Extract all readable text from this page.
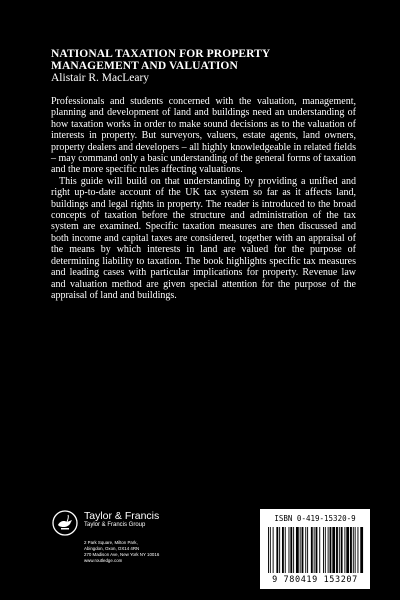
NATIONAL TAXATION FOR PROPERTY
MANAGEMENT AND VALUATION
Alistair R. MacLeary

Professionals and students concerned with the valuation, management, planning and development of land and buildings need an understanding of how taxation works in order to make sound decisions as to the valuation of interests in property. But surveyors, valuers, estate agents, land owners, property dealers and developers – all highly knowledgeable in related fields – may command only a basic understanding of the general forms of taxation and the more specific rules affecting valuations.

This guide will build on that understanding by providing a unified and right up-to-date account of the UK tax system so far as it affects land, buildings and legal rights in property. The reader is introduced to the broad concepts of taxation before the structure and administration of the tax system are examined. Specific taxation measures are then discussed and both income and capital taxes are considered, together with an appraisal of the means by which interests in land are valued for the purpose of determining liability to taxation. The book highlights specific tax measures and leading cases with particular implications for property. Revenue law and valuation method are given special attention for the purpose of the appraisal of land and buildings.

Taylor & Francis
Taylor & Francis Group
2 Park Square, Milton Park,
Abingdon, Oxon, OX14 4RN
270 Madison Ave, New York NY 10016
www.routledge.com
ISBN 0-419-15320-9
9 780419 153207
